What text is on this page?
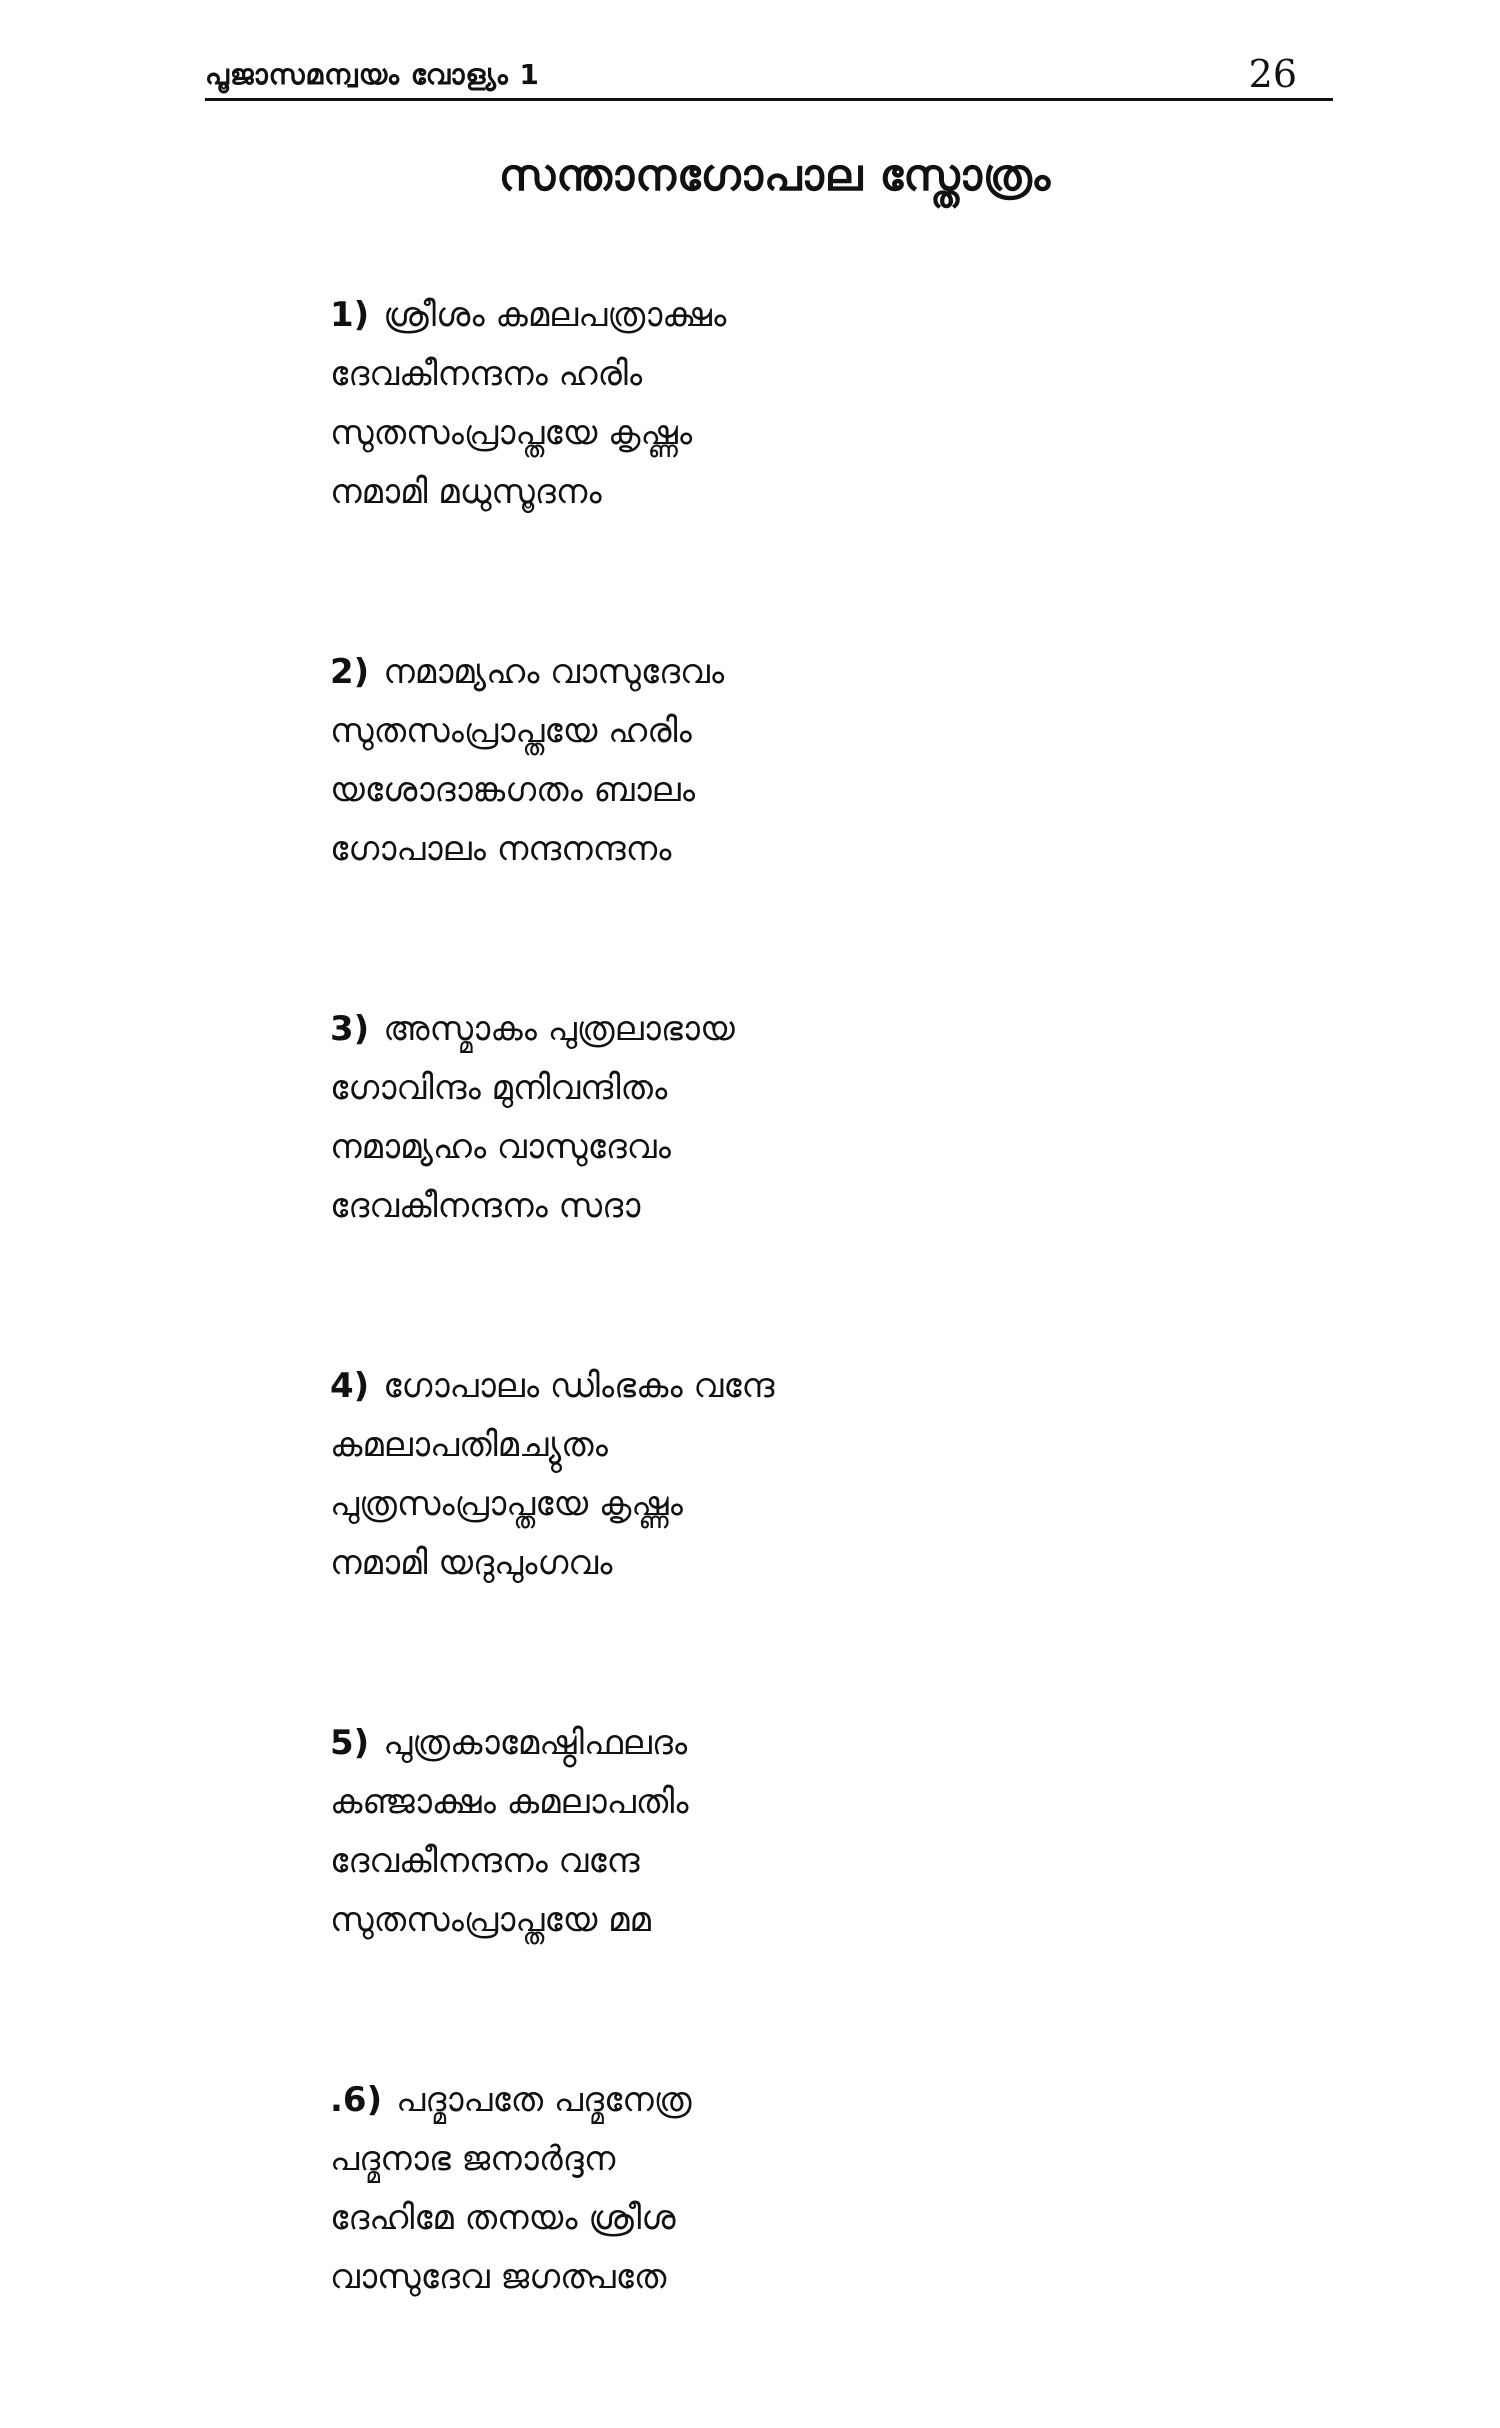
പൂജാസമന്വയം വോള്യം 1	26
സന്താനഗോപാല സ്തോത്രം
1) ശ്രീശം കമലപത്രാക്ഷം
ദേവകീനന്ദനം ഹരിം
സുതസംപ്രാപ്തയേ കൃഷ്ണം
നമാമി മധുസൂദനം
2) നമാമ്യഹം വാസുദേവം
സുതസംപ്രാപ്തയേ ഹരിം
യശോദാങ്കഗതം ബാലം
ഗോപാലം നന്ദനന്ദനം
3) അസ്മാകം പുത്രലാഭായ
ഗോവിന്ദം മുനിവന്ദിതം
നമാമ്യഹം വാസുദേവം
ദേവകീനന്ദനം സദാ
4) ഗോപാലം ഡിംഭകം വന്ദേ
കമലാപതിമച്യുതം
പുത്രസംപ്രാപ്തയേ കൃഷ്ണം
നമാമി യദുപുംഗവം
5) പുത്രകാമേഷ്ഠിഫലദം
കഞ്ജാക്ഷം കമലാപതിം
ദേവകീനന്ദനം വന്ദേ
സുതസംപ്രാപ്തയേ മമ
.6) പദ്മാപതേ പദ്മനേത്ര
പദ്മനാഭ ജനാർദ്ദന
ദേഹിമേ തനയം ശ്രീശ
വാസുദേവ ജഗത്പതേ
